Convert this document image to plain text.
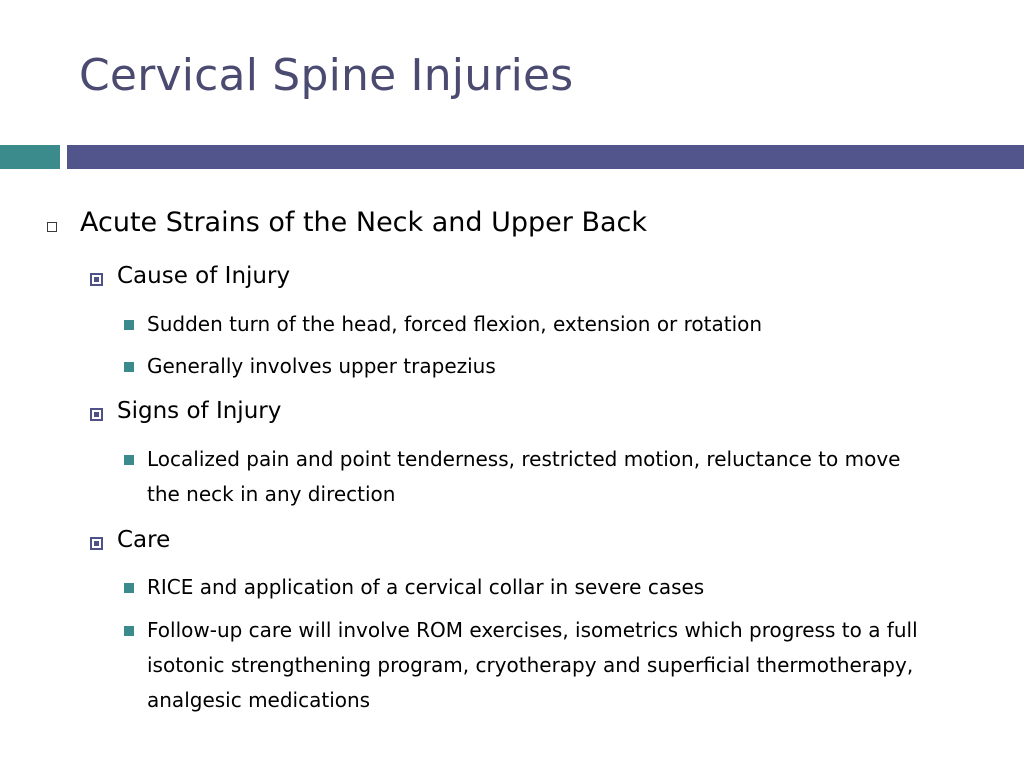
Cervical Spine Injuries
Acute Strains of the Neck and Upper Back
Cause of Injury
Sudden turn of the head, forced flexion, extension or rotation
Generally involves upper trapezius
Signs of Injury
Localized pain and point tenderness, restricted motion, reluctance to move the neck in any direction
Care
RICE and application of a cervical collar in severe cases
Follow-up care will involve ROM exercises, isometrics which progress to a full isotonic strengthening program, cryotherapy and superficial thermotherapy, analgesic medications
